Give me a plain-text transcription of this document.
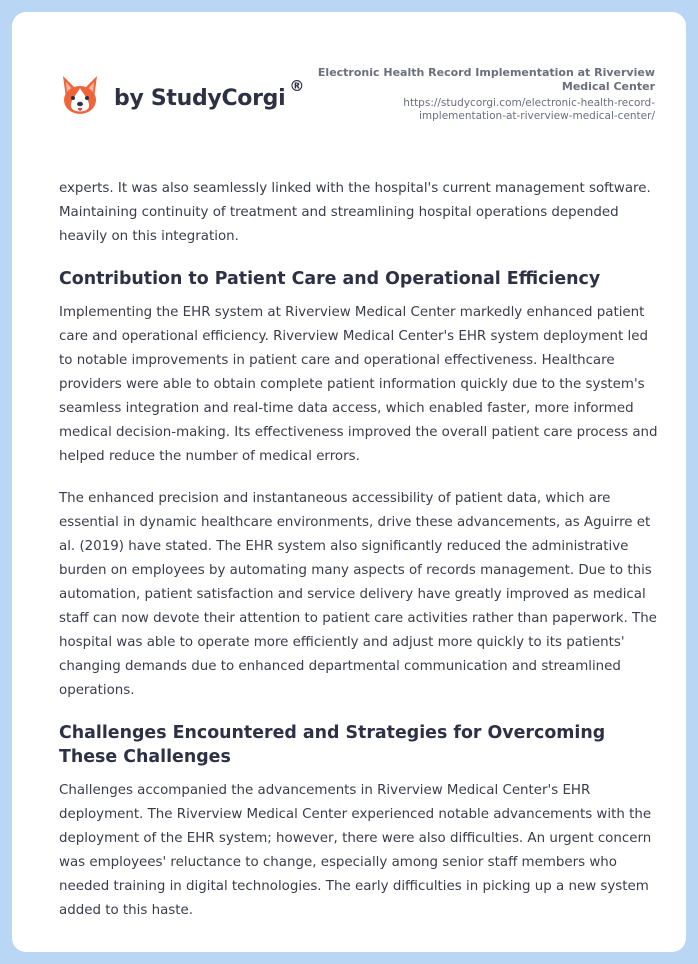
by StudyCorgi ®
Electronic Health Record Implementation at Riverview Medical Center
https://studycorgi.com/electronic-health-record-implementation-at-riverview-medical-center/

experts. It was also seamlessly linked with the hospital's current management software. Maintaining continuity of treatment and streamlining hospital operations depended heavily on this integration.

Contribution to Patient Care and Operational Efficiency

Implementing the EHR system at Riverview Medical Center markedly enhanced patient care and operational efficiency. Riverview Medical Center's EHR system deployment led to notable improvements in patient care and operational effectiveness. Healthcare providers were able to obtain complete patient information quickly due to the system's seamless integration and real-time data access, which enabled faster, more informed medical decision-making. Its effectiveness improved the overall patient care process and helped reduce the number of medical errors.

The enhanced precision and instantaneous accessibility of patient data, which are essential in dynamic healthcare environments, drive these advancements, as Aguirre et al. (2019) have stated. The EHR system also significantly reduced the administrative burden on employees by automating many aspects of records management. Due to this automation, patient satisfaction and service delivery have greatly improved as medical staff can now devote their attention to patient care activities rather than paperwork. The hospital was able to operate more efficiently and adjust more quickly to its patients' changing demands due to enhanced departmental communication and streamlined operations.

Challenges Encountered and Strategies for Overcoming These Challenges

Challenges accompanied the advancements in Riverview Medical Center's EHR deployment. The Riverview Medical Center experienced notable advancements with the deployment of the EHR system; however, there were also difficulties. An urgent concern was employees' reluctance to change, especially among senior staff members who needed training in digital technologies. The early difficulties in picking up a new system added to this haste.
